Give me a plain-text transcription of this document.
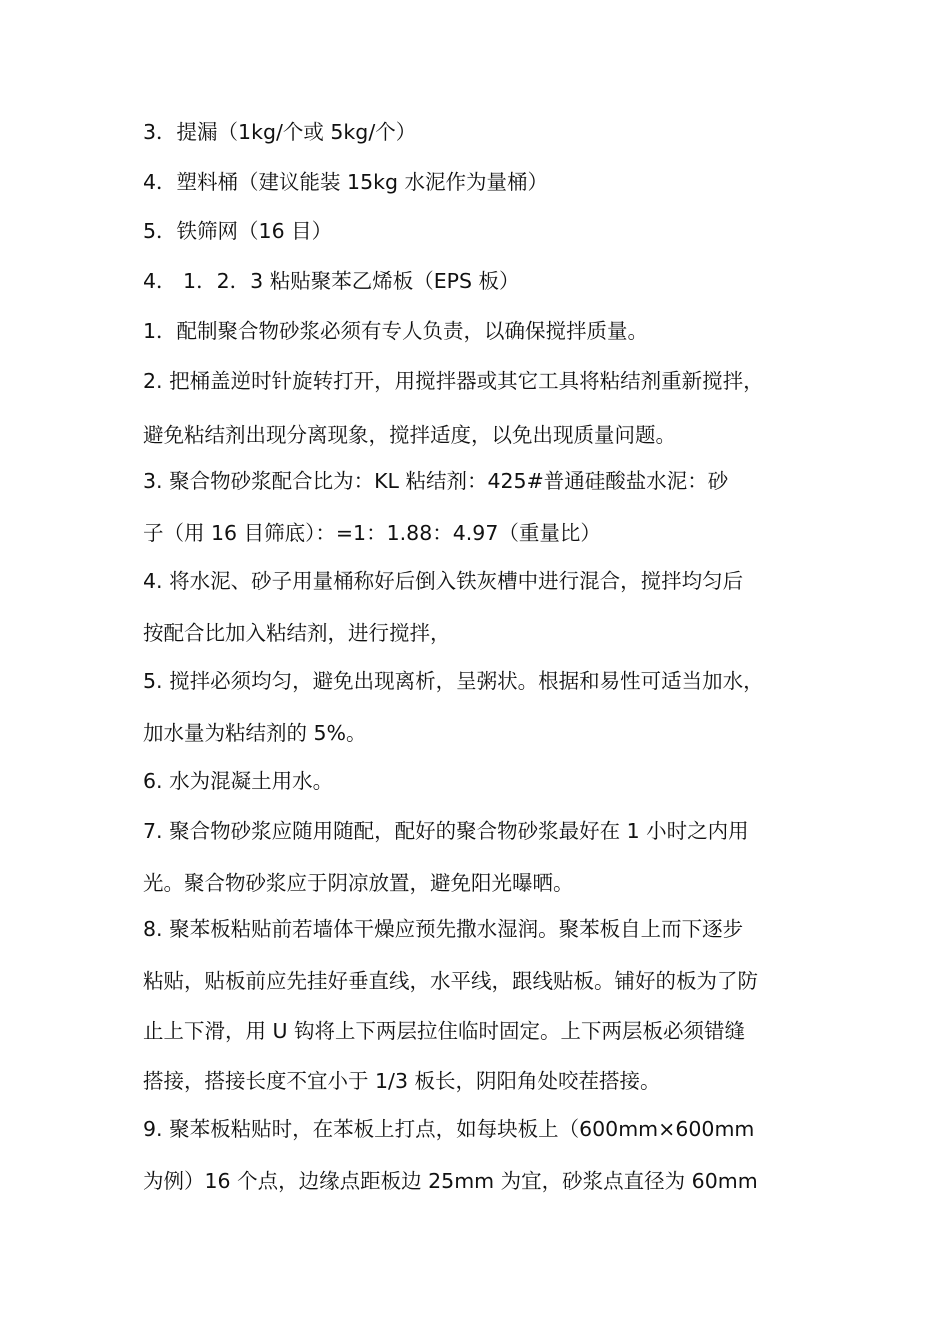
3．提漏（1kg/个或 5kg/个）
4．塑料桶（建议能装 15kg 水泥作为量桶）
5．铁筛网（16 目）
4． 1．2．3 粘贴聚苯乙烯板（EPS 板）
1．配制聚合物砂浆必须有专人负责，以确保搅拌质量。
2. 把桶盖逆时针旋转打开，用搅拌器或其它工具将粘结剂重新搅拌，
避免粘结剂出现分离现象，搅拌适度，以免出现质量问题。
3. 聚合物砂浆配合比为：KL 粘结剂：425#普通硅酸盐水泥：砂
子（用 16 目筛底）：=1：1.88：4.97（重量比）
4. 将水泥、砂子用量桶称好后倒入铁灰槽中进行混合，搅拌均匀后
按配合比加入粘结剂，进行搅拌，
5. 搅拌必须均匀，避免出现离析，呈粥状。根据和易性可适当加水，
加水量为粘结剂的 5%。
6. 水为混凝土用水。
7. 聚合物砂浆应随用随配，配好的聚合物砂浆最好在 1 小时之内用
光。聚合物砂浆应于阴凉放置，避免阳光曝晒。
8. 聚苯板粘贴前若墙体干燥应预先撒水湿润。聚苯板自上而下逐步
粘贴，贴板前应先挂好垂直线，水平线，跟线贴板。铺好的板为了防
止上下滑，用 U 钩将上下两层拉住临时固定。上下两层板必须错缝
搭接，搭接长度不宜小于 1/3 板长，阴阳角处咬茬搭接。
9. 聚苯板粘贴时，在苯板上打点，如每块板上（600mm×600mm
为例）16 个点，边缘点距板边 25mm 为宜，砂浆点直径为 60mm
